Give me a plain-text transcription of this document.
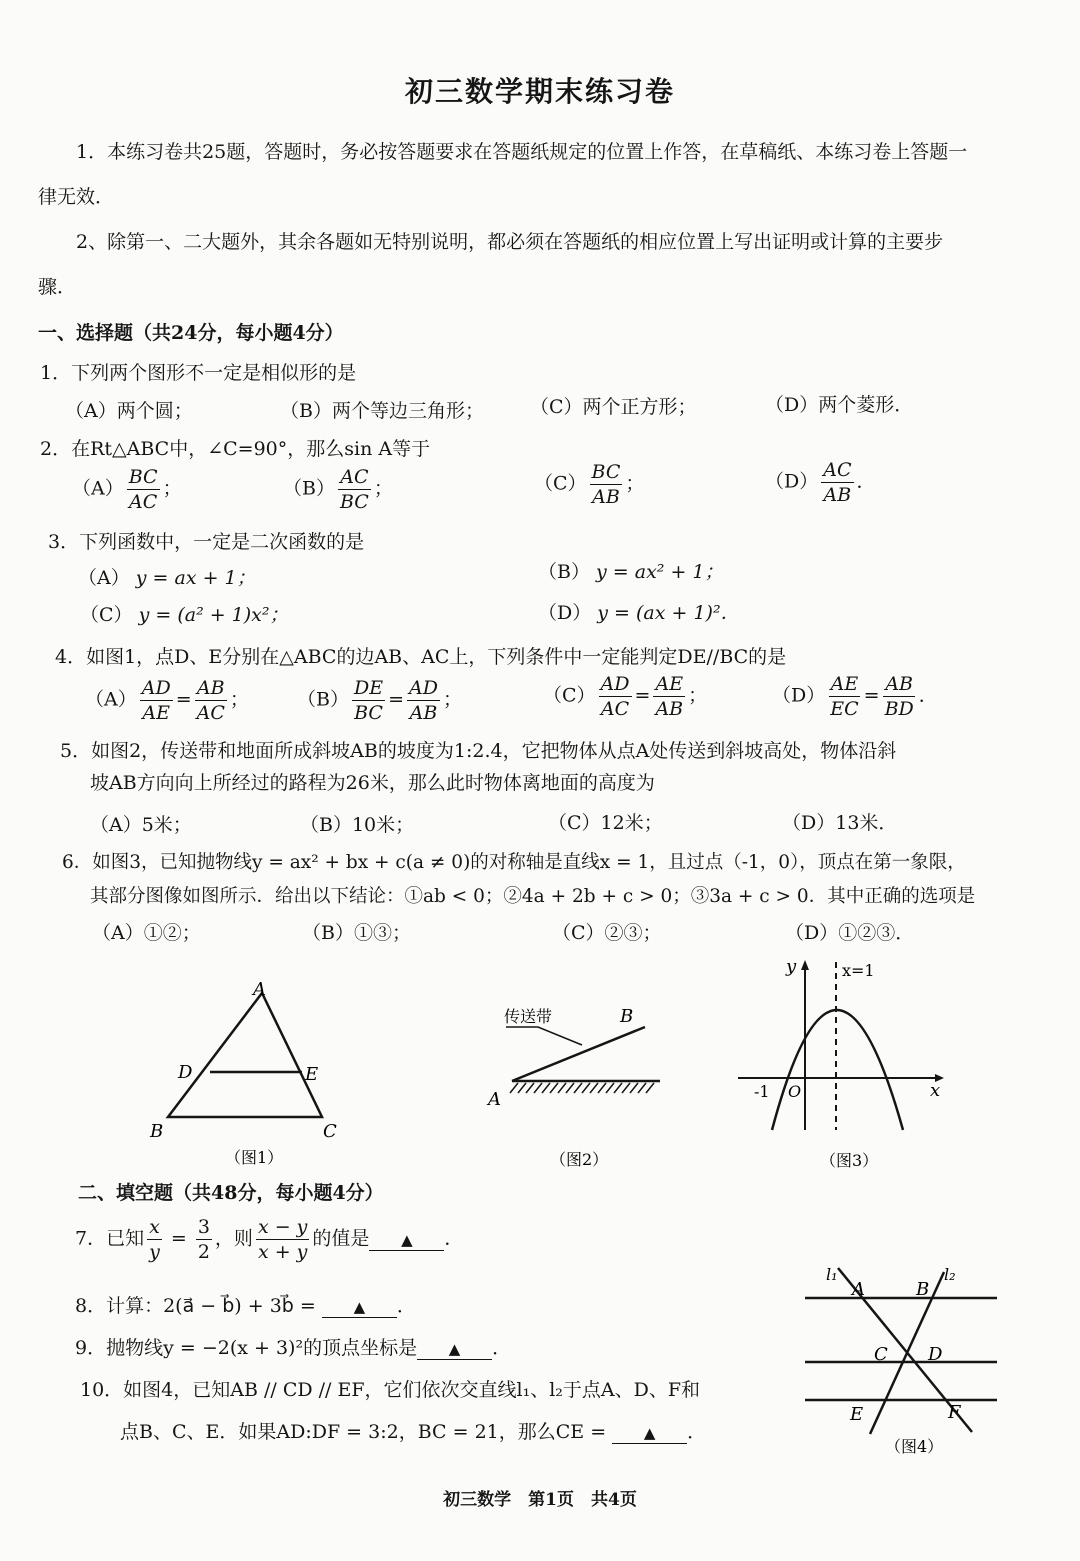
初三数学期末练习卷
1．本练习卷共25题，答题时，务必按答题要求在答题纸规定的位置上作答，在草稿纸、本练习卷上答题一律无效．
2、除第一、二大题外，其余各题如无特别说明，都必须在答题纸的相应位置上写出证明或计算的主要步骤．
一、选择题（共24分，每小题4分）
1．下列两个图形不一定是相似形的是
（A）两个圆；	（B）两个等边三角形； （C）两个正方形；	（D）两个菱形．
2．在Rt△ABC中，∠C=90°，那么sin A等于
$(A) \frac{BC}{AC}$ ；	$(B) \frac{AC}{BC}$ ；	$(C) \frac{BC}{AB}$ ；	$(D) \frac{AC}{AB}$ ．
3．下列函数中，一定是二次函数的是
（A） y = ax + 1；	（B） y = ax² + 1；
（C） y = (a² + 1)x²；	（D） y = (ax + 1)²．
4．如图1，点D、E分别在△ABC的边AB、AC上，下列条件中一定能判定DE//BC的是
$(A) \frac{AD}{AE} = \frac{AB}{AC}$ ；	$(B) \frac{DE}{BC} = \frac{AD}{AB}$ ；	$(C) \frac{AD}{AC} = \frac{AE}{AB}$ ；	$(D) \frac{AE}{EC} = \frac{AB}{BD}$ ．
5．如图2，传送带和地面所成斜坡AB的坡度为1:2.4，它把物体从点A处传送到斜坡高处，物体沿斜
坡AB方向向上所经过的路程为26米，那么此时物体离地面的高度为
（A）5米；	（B）10米；	（C）12米；	（D）13米．
6．如图3，已知抛物线y = ax² + bx + c(a ≠ 0)的对称轴是直线x = 1，且过点（-1，0），顶点在第一象限，
其部分图像如图所示．给出以下结论：①ab < 0；②4a + 2b + c > 0；③3a + c > 0．其中正确的选项是
（A）①②；	（B）①③；	（C）②③；	（D）①②③．
A
B	C
D	E
（图1）
传送带	B
A
（图2）
y
x
x=1
-1 O
（图3）
二、填空题（共48分，每小题4分）
7．已知 $\frac{x}{y} = \frac{3}{2}$ ，则 $\frac{x - y}{x + y}$ 的值是 ▲ ．
8．计算：2(a⃗ − b⃗) + 3b⃗ = ▲ ．
9．抛物线y = −2(x + 3)²的顶点坐标是 ▲ ．
10．如图4，已知AB // CD // EF，它们依次交直线l₁、l₂于点A、D、F和
点B、C、E．如果AD:DF = 3:2，BC = 21，那么CE = ▲ ．
l₁	l₂
A	B
C D
E	F
（图4）
初三数学　第1页　共4页
